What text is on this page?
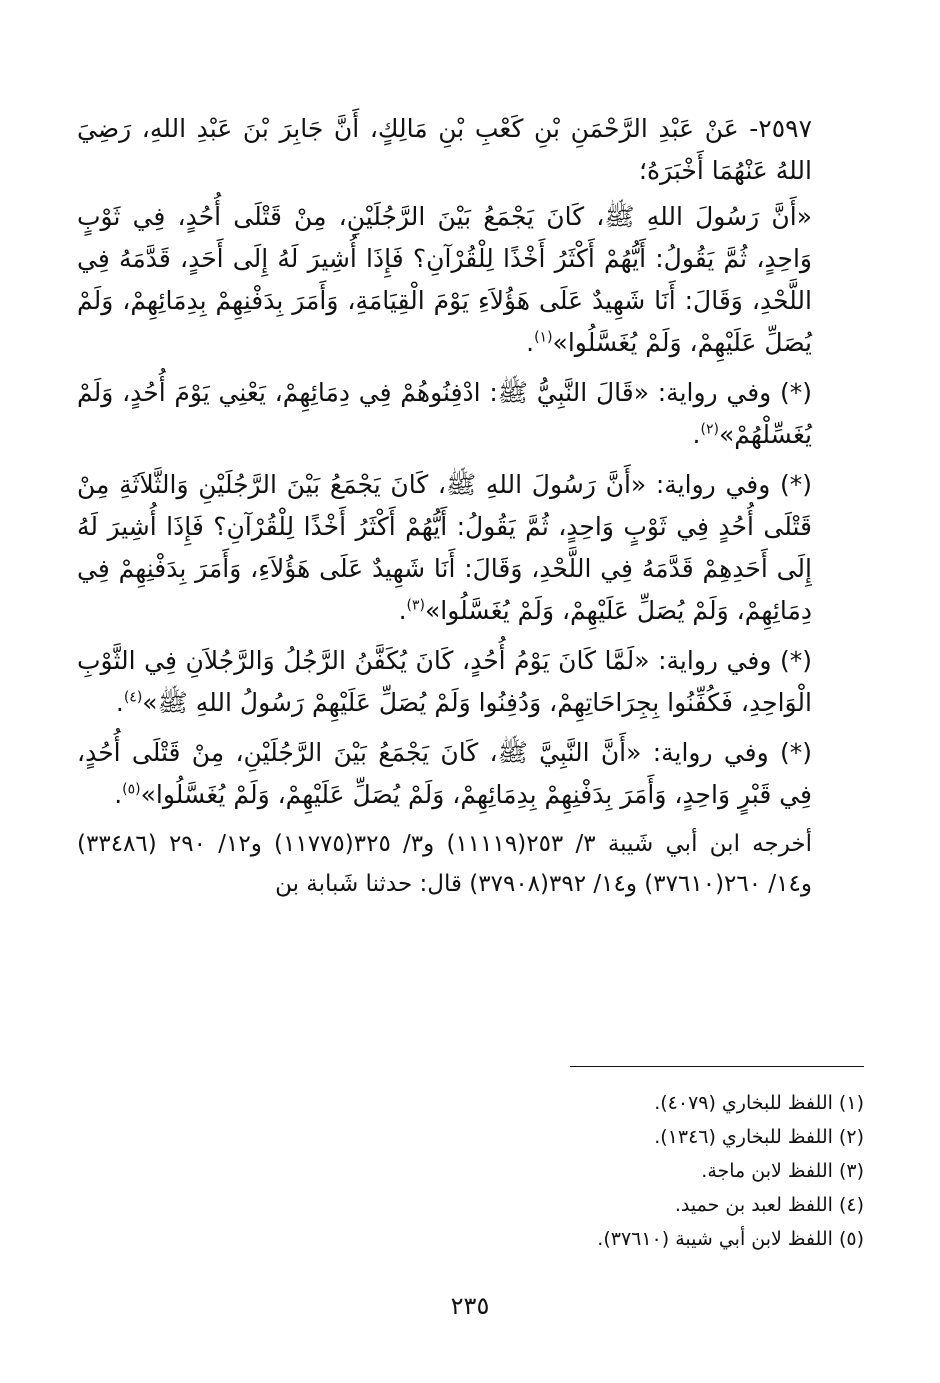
٢٥٩٧- عَنْ عَبْدِ الرَّحْمَنِ بْنِ كَعْبِ بْنِ مَالِكٍ، أَنَّ جَابِرَ بْنَ عَبْدِ اللهِ، رَضِيَ اللهُ عَنْهُمَا أَخْبَرَهُ؛

«أَنَّ رَسُولَ اللهِ ﷺ، كَانَ يَجْمَعُ بَيْنَ الرَّجُلَيْنِ، مِنْ قَتْلَى أُحُدٍ، فِي ثَوْبٍ وَاحِدٍ، ثُمَّ يَقُولُ: أَيُّهُمْ أَكْثَرُ أَخْذًا لِلْقُرْآنِ؟ فَإِذَا أُشِيرَ لَهُ إِلَى أَحَدٍ، قَدَّمَهُ فِي اللَّحْدِ، وَقَالَ: أَنَا شَهِيدٌ عَلَى هَؤُلاَءِ يَوْمَ الْقِيَامَةِ، وَأَمَرَ بِدَفْنِهِمْ بِدِمَائِهِمْ، وَلَمْ يُصَلِّ عَلَيْهِمْ، وَلَمْ يُغَسَّلُوا»$^{(١)}$.

(*) وفي رواية: «قَالَ النَّبِيُّ ﷺ: ادْفِنُوهُمْ فِي دِمَائِهِمْ، يَعْنِي يَوْمَ أُحُدٍ، وَلَمْ يُغَسِّلْهُمْ»$^{(٢)}$.

(*) وفي رواية: «أَنَّ رَسُولَ اللهِ ﷺ، كَانَ يَجْمَعُ بَيْنَ الرَّجُلَيْنِ وَالثَّلاَثَةِ مِنْ قَتْلَى أُحُدٍ فِي ثَوْبٍ وَاحِدٍ، ثُمَّ يَقُولُ: أَيُّهُمْ أَكْثَرُ أَخْذًا لِلْقُرْآنِ؟ فَإِذَا أُشِيرَ لَهُ إِلَى أَحَدِهِمْ قَدَّمَهُ فِي اللَّحْدِ، وَقَالَ: أَنَا شَهِيدٌ عَلَى هَؤُلاَءِ، وَأَمَرَ بِدَفْنِهِمْ فِي دِمَائِهِمْ، وَلَمْ يُصَلِّ عَلَيْهِمْ، وَلَمْ يُغَسَّلُوا»$^{(٣)}$.

(*) وفي رواية: «لَمَّا كَانَ يَوْمُ أُحُدٍ، كَانَ يُكَفَّنُ الرَّجُلُ وَالرَّجُلاَنِ فِي الثَّوْبِ الْوَاحِدِ، فَكُفِّنُوا بِجِرَاحَاتِهِمْ، وَدُفِنُوا وَلَمْ يُصَلِّ عَلَيْهِمْ رَسُولُ اللهِ ﷺ»$^{(٤)}$.

(*) وفي رواية: «أَنَّ النَّبِيَّ ﷺ، كَانَ يَجْمَعُ بَيْنَ الرَّجُلَيْنِ، مِنْ قَتْلَى أُحُدٍ، فِي قَبْرٍ وَاحِدٍ، وَأَمَرَ بِدَفْنِهِمْ بِدِمَائِهِمْ، وَلَمْ يُصَلِّ عَلَيْهِمْ، وَلَمْ يُغَسَّلُوا»$^{(٥)}$.

أخرجه ابن أبي شَيبة ٣/ ٢٥٣(١١١١٩) و٣/ ٣٢٥(١١٧٧٥) و١٢/ ٢٩٠ (٣٣٤٨٦) و١٤/ ٢٦٠(٣٧٦١٠) و١٤/ ٣٩٢(٣٧٩٠٨) قال: حدثنا شَبابة بن

(١) اللفظ للبخاري (٤٠٧٩).

(٢) اللفظ للبخاري (١٣٤٦).

(٣) اللفظ لابن ماجة.

(٤) اللفظ لعبد بن حميد.

(٥) اللفظ لابن أبي شيبة (٣٧٦١٠).

٢٣٥
